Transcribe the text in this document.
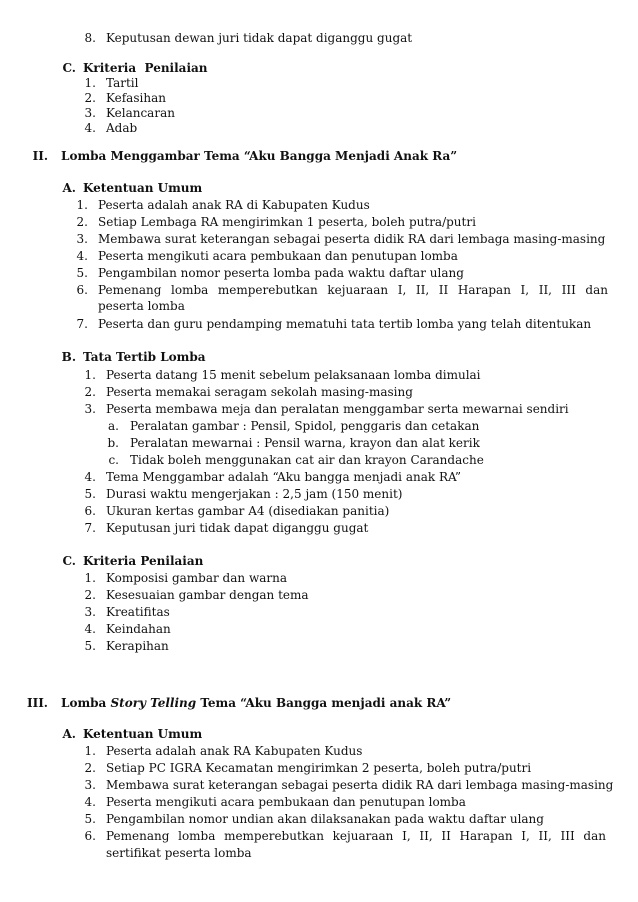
8. Keputusan dewan juri tidak dapat diganggu gugat
C. Kriteria  Penilaian
1. Tartil
2. Kefasihan
3. Kelancaran
4. Adab
II. Lomba Menggambar Tema “Aku Bangga Menjadi Anak Ra”
A. Ketentuan Umum
1. Peserta adalah anak RA di Kabupaten Kudus
2. Setiap Lembaga RA mengirimkan 1 peserta, boleh putra/putri
3. Membawa surat keterangan sebagai peserta didik RA dari lembaga masing-masing
4. Peserta mengikuti acara pembukaan dan penutupan lomba
5. Pengambilan nomor peserta lomba pada waktu daftar ulang
6. Pemenang lomba memperebutkan kejuaraan I, II, II Harapan I, II, III dan
peserta lomba
7. Peserta dan guru pendamping mematuhi tata tertib lomba yang telah ditentukan
B. Tata Tertib Lomba
1. Peserta datang 15 menit sebelum pelaksanaan lomba dimulai
2. Peserta memakai seragam sekolah masing-masing
3. Peserta membawa meja dan peralatan menggambar serta mewarnai sendiri
a. Peralatan gambar : Pensil, Spidol, penggaris dan cetakan
b. Peralatan mewarnai : Pensil warna, krayon dan alat kerik
c. Tidak boleh menggunakan cat air dan krayon Carandache
4. Tema Menggambar adalah “Aku bangga menjadi anak RA”
5. Durasi waktu mengerjakan : 2,5 jam (150 menit)
6. Ukuran kertas gambar A4 (disediakan panitia)
7. Keputusan juri tidak dapat diganggu gugat
C. Kriteria Penilaian
1. Komposisi gambar dan warna
2. Kesesuaian gambar dengan tema
3. Kreatifitas
4. Keindahan
5. Kerapihan
III. Lomba Story Telling Tema “Aku Bangga menjadi anak RA”
A. Ketentuan Umum
1. Peserta adalah anak RA Kabupaten Kudus
2. Setiap PC IGRA Kecamatan mengirimkan 2 peserta, boleh putra/putri
3. Membawa surat keterangan sebagai peserta didik RA dari lembaga masing-masing
4. Peserta mengikuti acara pembukaan dan penutupan lomba
5. Pengambilan nomor undian akan dilaksanakan pada waktu daftar ulang
6. Pemenang lomba memperebutkan kejuaraan I, II, II Harapan I, II, III dan
sertifikat peserta lomba
